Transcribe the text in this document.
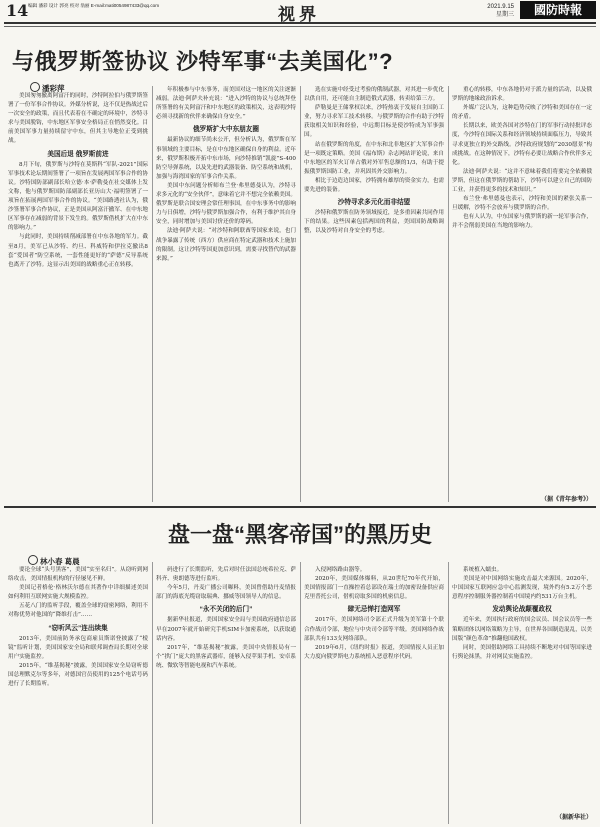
14 编辑 潘彩 设计 郭亮 校对 翁丽 E-mail:mati0054987433@qq.com	视界	2021.9.15
星期三	國防時報
与俄罗斯签协议 沙特军事“去美国化”?
潘彩萍

美国匆匆撤离阿富汗的同时，沙特阿拉伯与俄罗斯签署了一份军事合作协议。外媒分析说，这不仅是热战过后一次安全的政策，而且代表着在不确定的环境中，沙特寻求与美国脱钩，中东地区军事安全格局正在悄然变化。目前美国军事力量持续留守中东，但其主导地位正受到挑战。

美国后退 俄罗斯前进

8月下旬，俄罗斯与沙特在莫斯科“军队-2021”国际军事技术论坛期间签署了一项旨在发展两国军事合作的协议。沙特国防部副部长哈立德·本·萨勒曼在社交媒体上发文称，他与俄罗斯国防部副部长亚历山大·福明签署了一项旨在拓展两国军事合作的协议。“美国路透社认为，俄沙签署军事合作协议，正是美国从阿富汗撤军、在中东地区军事存在减弱的背景下发生的。俄罗斯借机扩大在中东的影响力。”

与此同时，美国持续削减部署在中东各地的军力。截至8月，美军已从沙特、约旦、科威特和伊拉克撤出8套“爱国者”防空系统，一套性能更好的“萨德”反导系统也离开了沙特。这显示出美国的战略重心正在转移。

年积极参与中东事务，而美国对这一地区的关注逐渐减弱。法迪·阿萨夫补充说：“进入沙特的协议与总统拜登所签署的有关阿富汗和中东地区的政策相关，这表明沙特必须寻找新的伙伴来确保自身安全。”

俄罗斯扩大中东朋友圈

最新协议的细节尚未公开，但分析认为，俄罗斯在军事领域的主要目标，是在中东地区确保自身的利益。近年来，俄罗斯积极开拓中东市场，向沙特推销“凯旋”S-400防空导弹系统，以及先进的武器装备、防空系统和战机，加强与海湾国家的军事合作关系。

美国中东问题分析师布兰登·弗里德曼认为，沙特寻求多元化的“安全伙伴”，意味着它并不想完全依赖美国。俄罗斯是联合国安理会常任理事国，在中东事务中的影响力与日俱增，沙特与俄罗斯加强合作，有利于维护其自身安全，同时增加与美国讨价还价的筹码。

法迪·阿萨夫说：“对沙特和阿联酋等国家来说，也门战争暴露了传统（西方）供应商在特定武器和技术上施加的限制。这让沙特等国更加意识到，需要寻找替代的武器来源。”

选在实施中经受过考验的俄制武器，对其进一步优化以供自用，还可能自主制造俄式武器，转卖给第三方。

萨勒曼是王储掌权以来，沙特热衷于发展自主国防工业，努力寻求军工技术转移。与俄罗斯的合作有助于沙特获取相关知识和经验，中远期目标是使沙特成为军事强国。

站在俄罗斯的角度，在中东和北非地区扩大军事合作是一项既定策略。美国《福布斯》杂志网站评论说，来自中东地区的军火订单占俄对外军售总额的1/3，有助于提振俄罗斯国防工业，并巩固其外交影响力。

相比于边造边国家，沙特拥有雄厚的资金实力，也需要先进的装备。

沙特寻求多元化而非结盟

沙特和俄罗斯在防务领域接近，是多重因素共同作用下的结果。这些因素包括两国的利益，美国国防战略调整，以及沙特对自身安全的考虑。

重心的转移，中东各地仍对于派力量的活动，以及俄罗斯的地缘政治诉求。

外媒广泛认为，这种趋势反映了沙特和美国存在一定的矛盾。

长期以来，欧美各国对沙特在门的军事行动持批评态度，今沙特在国际关系和经济领域持续面临压力，导致其寻求更独立的外交路线。沙特政府规划的“2030愿景”构成挑战。在这种情况下，沙特有必要让战略合作伙伴多元化。

法迪·阿萨夫说：“这并不意味着我们将要完全依赖俄罗斯，但这在俄罗斯的帮助下，沙特可以建立自己的国防工业，并获得更多的技术和知识。”

布兰登·弗里德曼也表示，沙特和美国的紧张关系一旦缓解，沙特不会放弃与俄罗斯的合作。

也有人认为，中东国家与俄罗斯的新一轮军事合作，并不会削弱美国在当地的影响力。

（据《青年参考》）
盘一盘“黑客帝国”的黑历史
林小春 葛晨

要论全球“头号黑客”，美国“实至名归”。从窃听到网络攻击，美国情报机构的行径屡见不鲜。

美国记者格伦·格林沃尔德在其著作中详细描述美国如何利用互联网实施大规模监控。

五花八门的监听手段，覆盖全球的窃密网络，利用不对称优势对他国的“降维打击”……

“窃听风云”连出续集

2013年，美国前防务承包商雇员斯诺登披露了“棱镜”监听计划，美国国家安全局和联邦调查局长期对全球用户实施监控。

2015年，“维基揭秘”披露，美国国家安全局窃听德国总理默克尔等多年，对德国官员使用的125个电话号码进行了长期监听。

码进行了长期监听，先后对时任法国总统希拉克、萨科齐、奥朗德等进行监听。

今年5月，丹麦广播公司曝料，美国曾借助丹麦情报部门的海底光缆窃取瑞典、挪威等国领导人的信息。

“永不关闭的后门”

据新华社报道，美国国家安全局与美国政府通信总部早在2007年就开始研究手机SIM卡加密系统，以获取通话内容。

2017年，“维基揭秘”披露，美国中央情报局有一个“拱门”庞大的黑客武器库，能够入侵苹果手机、安卓系统、微软等智能电视和汽车系统。

入侵网络路由器等。

2020年，美国媒体爆料，从20世纪70年代开始，美国情报部门一直操控着总部设在瑞士的加密设备供应商克里普托公司，借机窃取多国的机密信息。

肆无忌惮打造网军

2017年，美国网络司令部正式升级为美军第十个联合作战司令部，地位与中央司令部等平级。美国网络作战部队共有133支网络部队。

2019年6月，《纽约时报》报道，美国情报人员正加大力度向俄罗斯电力系统植入恶意程序代码。

系统植入蠕虫。

美国是对中国网络实施攻击最大来源国。2020年，中国国家互联网应急中心监测发现，境外约有5.2万个恶意程序控制服务器控制着中国境内约531万台主机。

发动舆论战颠覆政权

近年来，美国执行政府的国会议员、国会议员等一些策略团体以网络策略为主导，在世界各国制造混乱，以美国版“颜色革命”推翻他国政权。

同时，美国借助网络工具持续不断地对中国等国家进行舆论抹黑，并对网民实施监控。

（据新华社）
